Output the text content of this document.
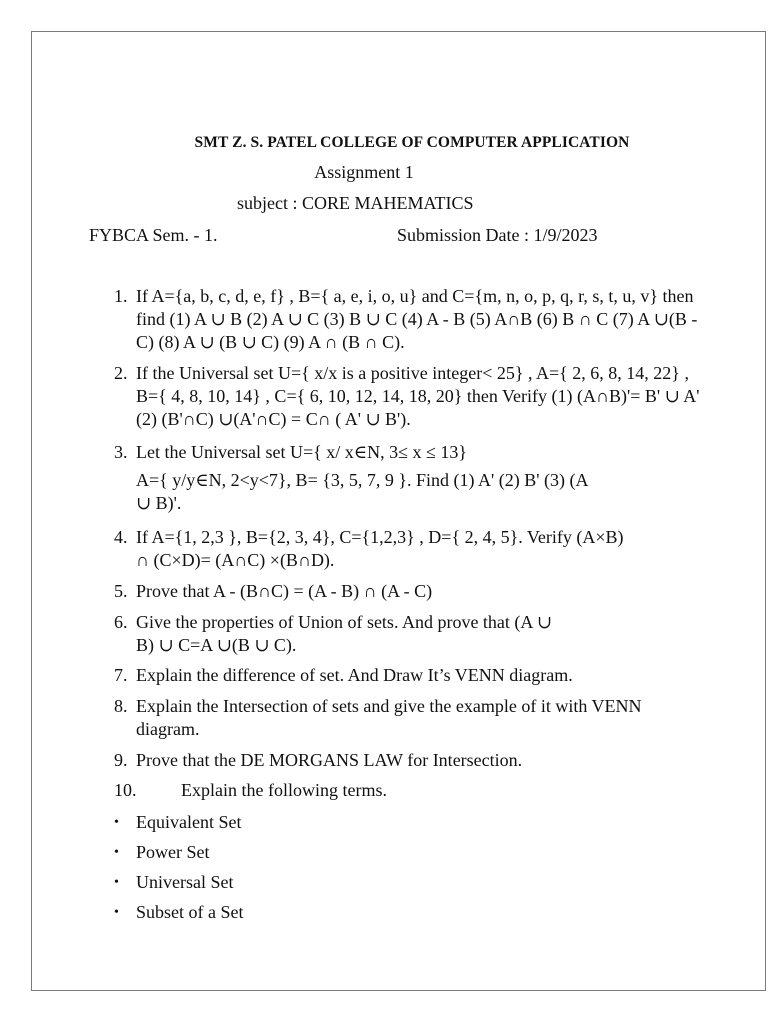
SMT Z. S. PATEL COLLEGE OF COMPUTER APPLICATION
Assignment 1
subject : CORE MAHEMATICS
FYBCA Sem. - 1.	Submission Date : 1/9/2023
1. If A={a, b, c, d, e, f} , B={ a, e, i, o, u} and C={m, n, o, p, q, r, s, t, u, v} then find (1) A ∪ B (2) A ∪ C (3) B ∪ C (4) A - B (5) A∩B (6) B ∩ C (7) A ∪(B - C) (8) A ∪ (B ∪ C) (9) A ∩ (B ∩ C).
2. If the Universal set U={ x/x is a positive integer< 25} , A={ 2, 6, 8, 14, 22} , B={ 4, 8, 10, 14} , C={ 6, 10, 12, 14, 18, 20} then Verify (1) (A∩B)'= B' ∪ A' (2) (B'∩C) ∪(A'∩C) = C∩ ( A' ∪ B').
3. Let the Universal set U={ x/ x∈N, 3≤ x ≤ 13}
A={ y/y∈N, 2<y<7}, B= {3, 5, 7, 9 }. Find (1) A' (2) B' (3) (A ∪ B)'.
4. If A={1, 2,3 }, B={2, 3, 4}, C={1,2,3} , D={ 2, 4, 5}. Verify (A×B) ∩ (C×D)= (A∩C) ×(B∩D).
5. Prove that A - (B∩C) = (A - B) ∩ (A - C)
6. Give the properties of Union of sets. And prove that (A ∪ B) ∪ C=A ∪(B ∪ C).
7. Explain the difference of set. And Draw It’s VENN diagram.
8. Explain the Intersection of sets and give the example of it with VENN diagram.
9. Prove that the DE MORGANS LAW for Intersection.
10. Explain the following terms.
• Equivalent Set
• Power Set
• Universal Set
• Subset of a Set
